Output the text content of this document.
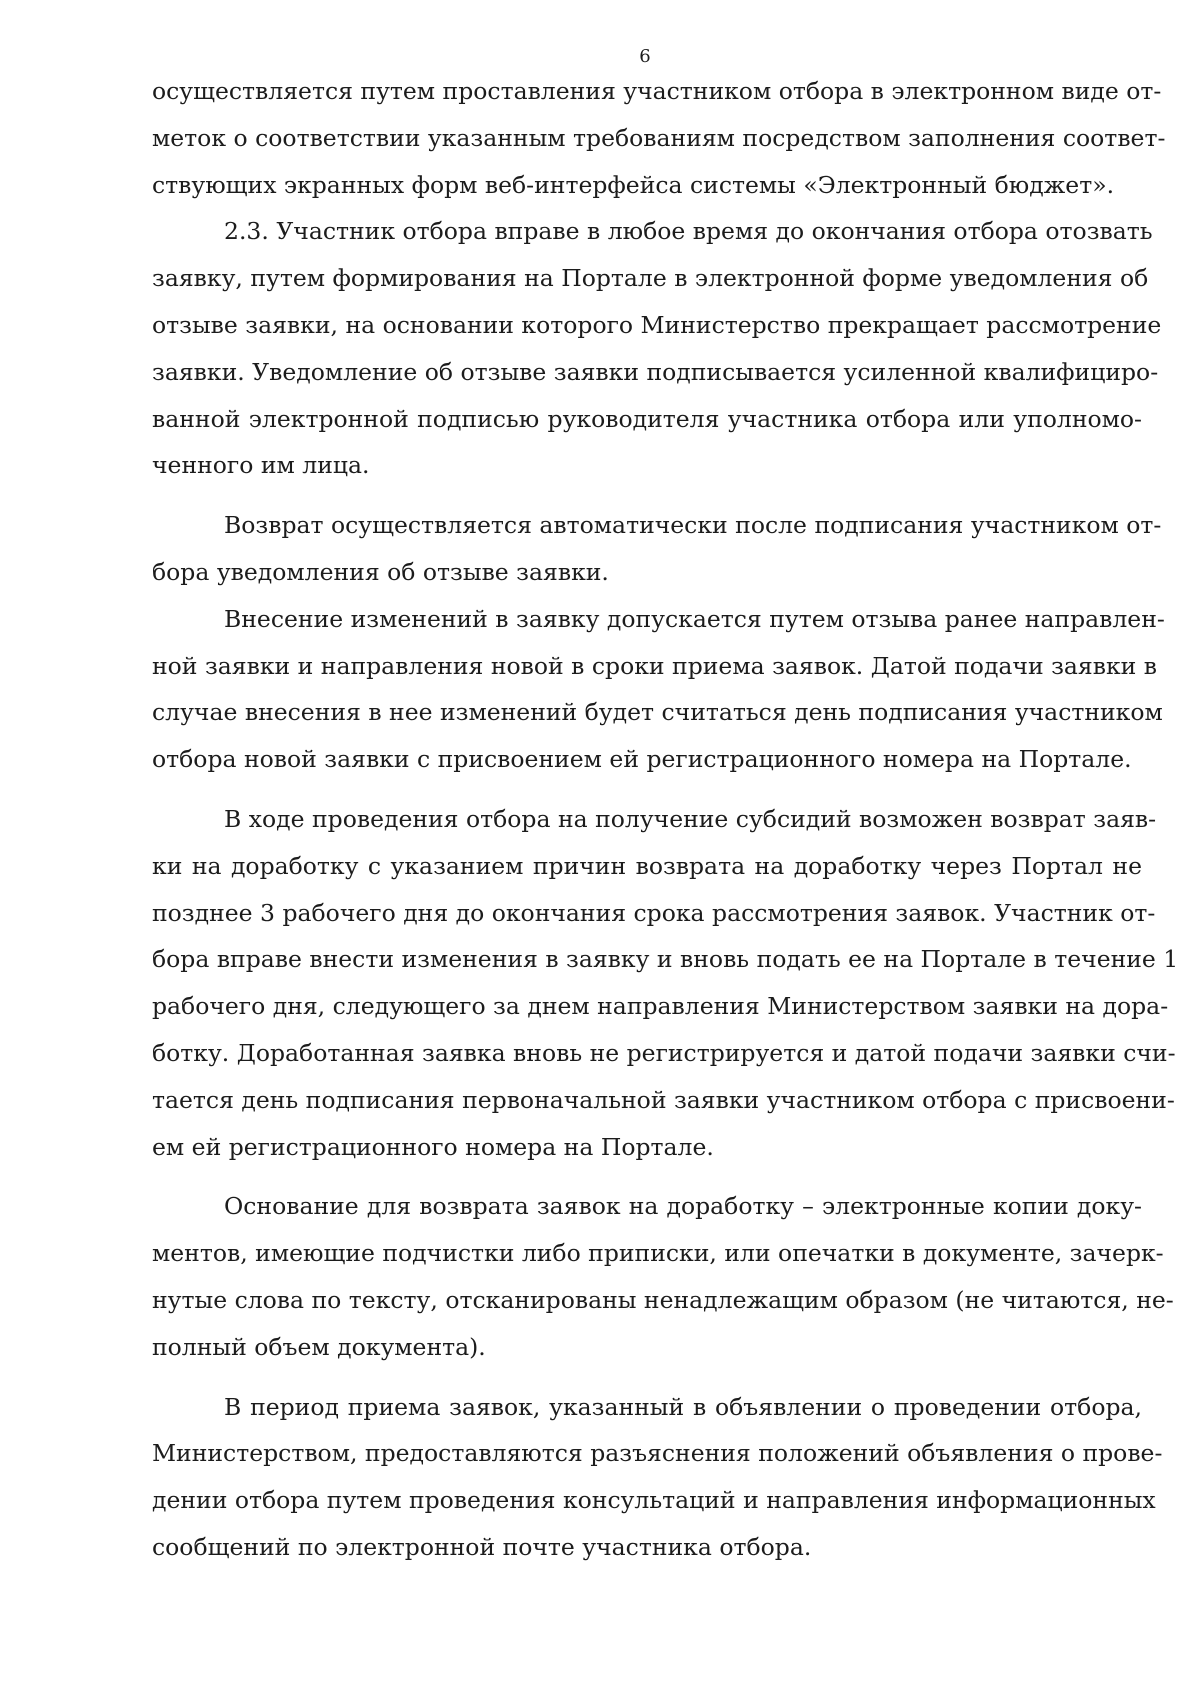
6
осуществляется путем проставления участником отбора в электронном виде от-
меток о соответствии указанным требованиям посредством заполнения соответ-
ствующих экранных форм веб-интерфейса системы «Электронный бюджет».
2.3. Участник отбора вправе в любое время до окончания отбора отозвать
заявку, путем формирования на Портале в электронной форме уведомления об
отзыве заявки, на основании которого Министерство прекращает рассмотрение
заявки. Уведомление об отзыве заявки подписывается усиленной квалифициро-
ванной электронной подписью руководителя участника отбора или уполномо-
ченного им лица.
Возврат осуществляется автоматически после подписания участником от-
бора уведомления об отзыве заявки.
Внесение изменений в заявку допускается путем отзыва ранее направлен-
ной заявки и направления новой в сроки приема заявок. Датой подачи заявки в
случае внесения в нее изменений будет считаться день подписания участником
отбора новой заявки с присвоением ей регистрационного номера на Портале.
В ходе проведения отбора на получение субсидий возможен возврат заяв-
ки на доработку с указанием причин возврата на доработку через Портал не
позднее 3 рабочего дня до окончания срока рассмотрения заявок. Участник от-
бора вправе внести изменения в заявку и вновь подать ее на Портале в течение 1
рабочего дня, следующего за днем направления Министерством заявки на дора-
ботку. Доработанная заявка вновь не регистрируется и датой подачи заявки счи-
тается день подписания первоначальной заявки участником отбора с присвоени-
ем ей регистрационного номера на Портале.
Основание для возврата заявок на доработку – электронные копии доку-
ментов, имеющие подчистки либо приписки, или опечатки в документе, зачерк-
нутые слова по тексту, отсканированы ненадлежащим образом (не читаются, не-
полный объем документа).
В период приема заявок, указанный в объявлении о проведении отбора,
Министерством, предоставляются разъяснения положений объявления о прове-
дении отбора путем проведения консультаций и направления информационных
сообщений по электронной почте участника отбора.
